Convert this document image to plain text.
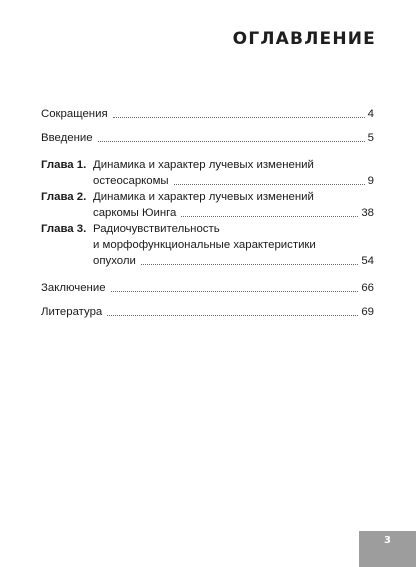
ОГЛАВЛЕНИЕ
Сокращения	4
Введение	5
Глава 1. Динамика и характер лучевых изменений
остеосаркомы	9
Глава 2. Динамика и характер лучевых изменений
саркомы Юинга	38
Глава 3. Радиочувствительность
и морфофункциональные характеристики
опухоли	54
Заключение	66
Литература	69
3
